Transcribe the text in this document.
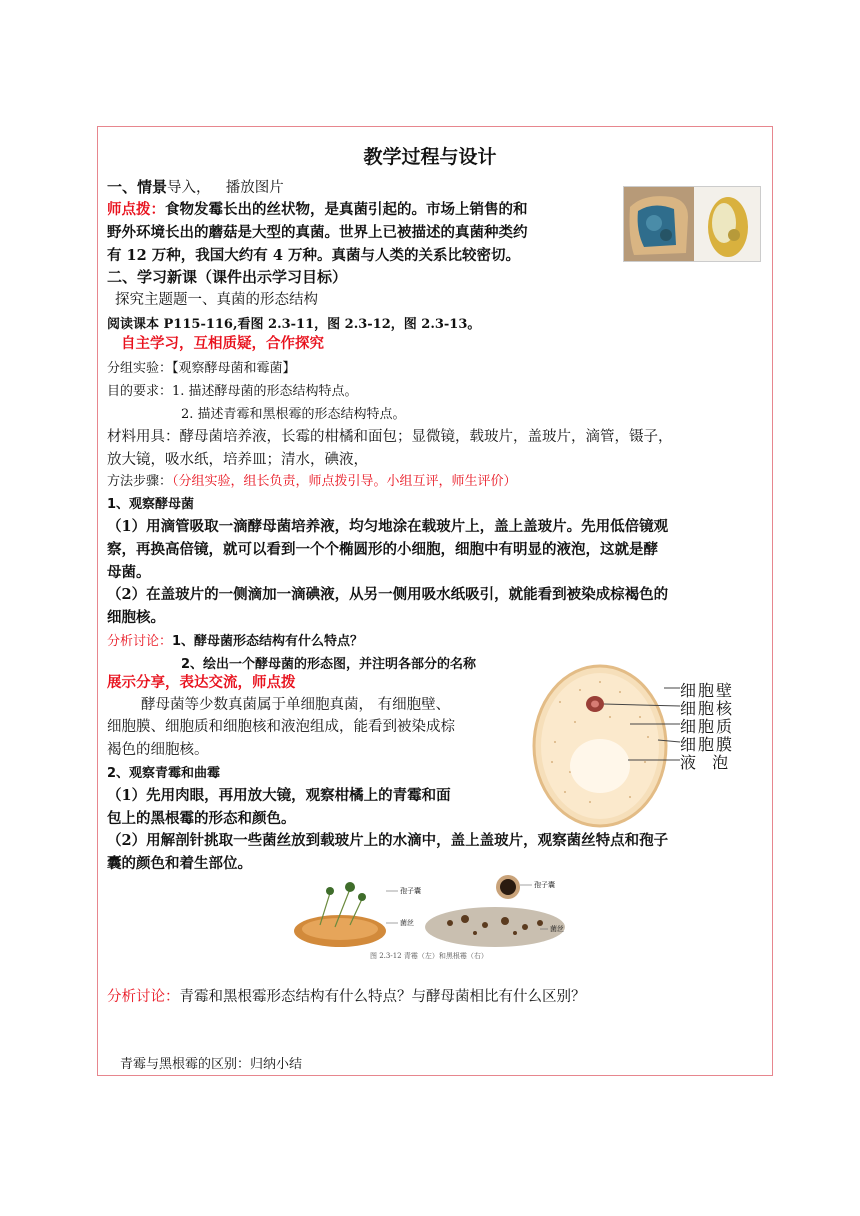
教学过程与设计
一、情景导入， 播放图片
师点拨：食物发霉长出的丝状物，是真菌引起的。市场上销售的和
野外环境长出的蘑菇是大型的真菌。世界上已被描述的真菌种类约
有 12 万种，我国大约有 4 万种。真菌与人类的关系比较密切。
二、学习新课（课件出示学习目标）
探究主题题一、真菌的形态结构
阅读课本 P115-116,看图 2.3-11，图 2.3-12，图 2.3-13。
自主学习，互相质疑，合作探究
分组实验：【观察酵母菌和霉菌】
目的要求：1. 描述酵母菌的形态结构特点。
2. 描述青霉和黑根霉的形态结构特点。
材料用具：酵母菌培养液，长霉的柑橘和面包；显微镜，载玻片，盖玻片，滴管，镊子，
放大镜，吸水纸，培养皿；清水，碘液，
方法步骤：（分组实验，组长负责，师点拨引导。小组互评，师生评价）
1、观察酵母菌
（1）用滴管吸取一滴酵母菌培养液，均匀地涂在载玻片上，盖上盖玻片。先用低倍镜观
察，再换高倍镜，就可以看到一个个椭圆形的小细胞，细胞中有明显的液泡，这就是酵
母菌。
（2）在盖玻片的一侧滴加一滴碘液，从另一侧用吸水纸吸引，就能看到被染成棕褐色的
细胞核。
分析讨论：1、酵母菌形态结构有什么特点？
2、绘出一个酵母菌的形态图，并注明各部分的名称
展示分享，表达交流，师点拨
酵母菌等少数真菌属于单细胞真菌， 有细胞壁、
细胞膜、细胞质和细胞核和液泡组成，能看到被染成棕
褐色的细胞核。
细胞壁
细胞核
细胞质
细胞膜
液  泡
2、观察青霉和曲霉
（1）先用肉眼，再用放大镜，观察柑橘上的青霉和面
包上的黑根霉的形态和颜色。
（2）用解剖针挑取一些菌丝放到载玻片上的水滴中，盖上盖玻片，观察菌丝特点和孢子
囊的颜色和着生部位。
孢子囊
菌丝
孢子囊
菌丝
图 2.3-12 青霉（左）和黑根霉（右）
分析讨论：青霉和黑根霉形态结构有什么特点？与酵母菌相比有什么区别？
青霉与黑根霉的区别：归纳小结
